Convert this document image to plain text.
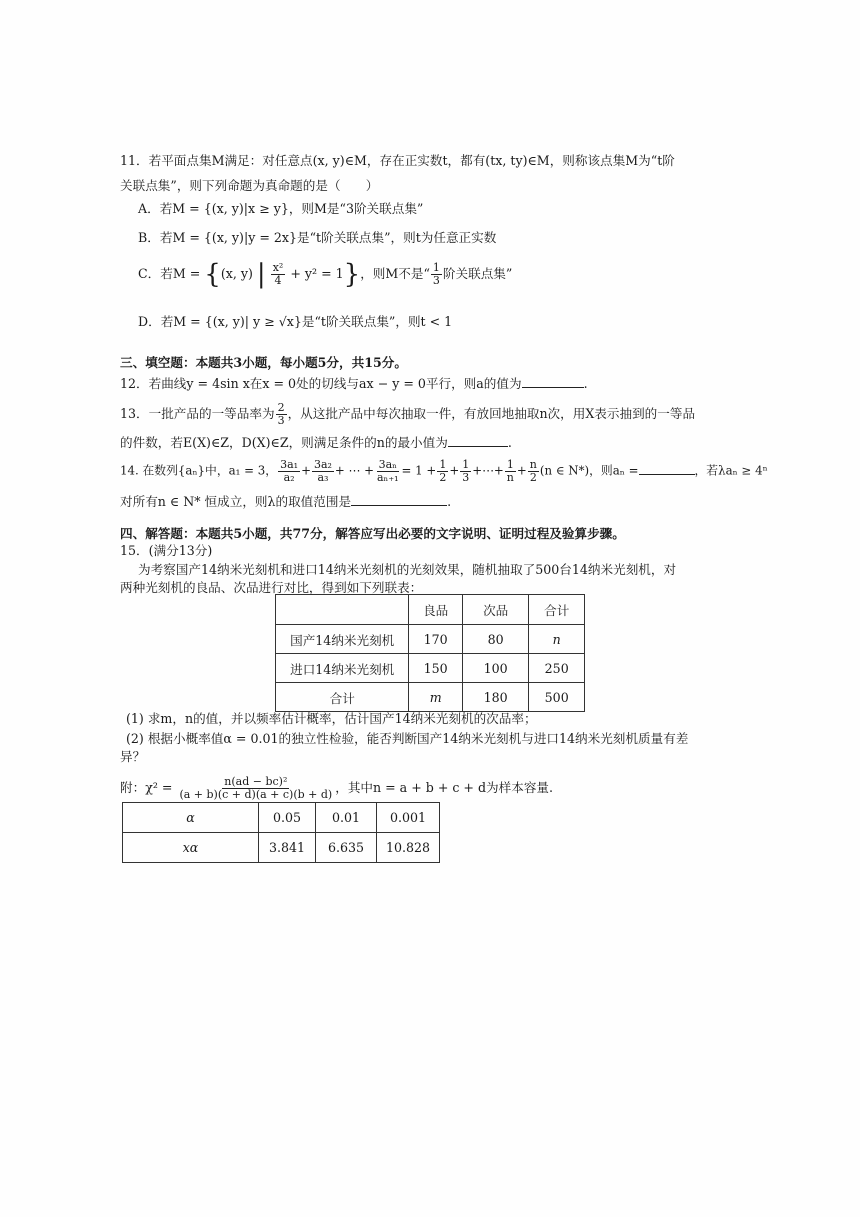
11．若平面点集M满足：对任意点(x, y)∈M，存在正实数t，都有(tx, ty)∈M，则称该点集M为“t阶
关联点集”，则下列命题为真命题的是（　　）
A．若M = {(x, y)|x ≥ y}，则M是“3阶关联点集”
B．若M = {(x, y)|y = 2x}是“t阶关联点集”，则t为任意正实数
C．若M = {(x, y) | $\frac{\text{x²}}{4} + y^2 = 1$}，则M不是“ $\frac{1}{3}$ 阶关联点集”
D．若M = {(x, y)| y ≥ √x}是“t阶关联点集”，则t < 1
三、填空题：本题共3小题，每小题5分，共15分。
12．若曲线y = 4sin x在x = 0处的切线与ax − y = 0平行，则a的值为	.
13．一批产品的一等品率为 $\frac{2}{3}$ ，从这批产品中每次抽取一件，有放回地抽取n次，用X表示抽到的一等品
的件数，若E(X)∈Z，D(X)∈Z，则满足条件的n的最小值为	.
14. 在数列{aₙ}中，a₁ = 3， $\frac{\text{3a₁}}{\text{a₂}} + \frac{\text{3a₂}}{\text{a₃}}$ + ⋯ + $\frac{\text{3aₙ}}{\text{aₙ₊₁}} = 1 + \frac{1}{2} + \frac{1}{3}$ +⋯+ $\frac{1}{n} + \frac{n}{2} (n$ ∈ N*)，则aₙ =	，若λaₙ ≥ 4ⁿ
对所有n ∈ N* 恒成立，则λ的取值范围是	.
四、解答题：本题共5小题，共77分，解答应写出必要的文字说明、证明过程及验算步骤。
15．(满分13分)
为考察国产14纳米光刻机和进口14纳米光刻机的光刻效果，随机抽取了500台14纳米光刻机，对
两种光刻机的良品、次品进行对比，得到如下列联表：
	良品	次品	合计
国产14纳米光刻机	170	80	n
进口14纳米光刻机	150	100	250
合计	m	180	500
(1) 求m，n的值，并以频率估计概率，估计国产14纳米光刻机的次品率；
(2) 根据小概率值α = 0.01的独立性检验，能否判断国产14纳米光刻机与进口14纳米光刻机质量有差
异？
附：$\chi^2 = \frac{\text{n(ad − bc)²}}{(a + b)(c + d)(a + c)(b + d)}$ ，其中n = a + b + c + d为样本容量.
α	0.05	0.01	0.001
xα	3.841	6.635	10.828
